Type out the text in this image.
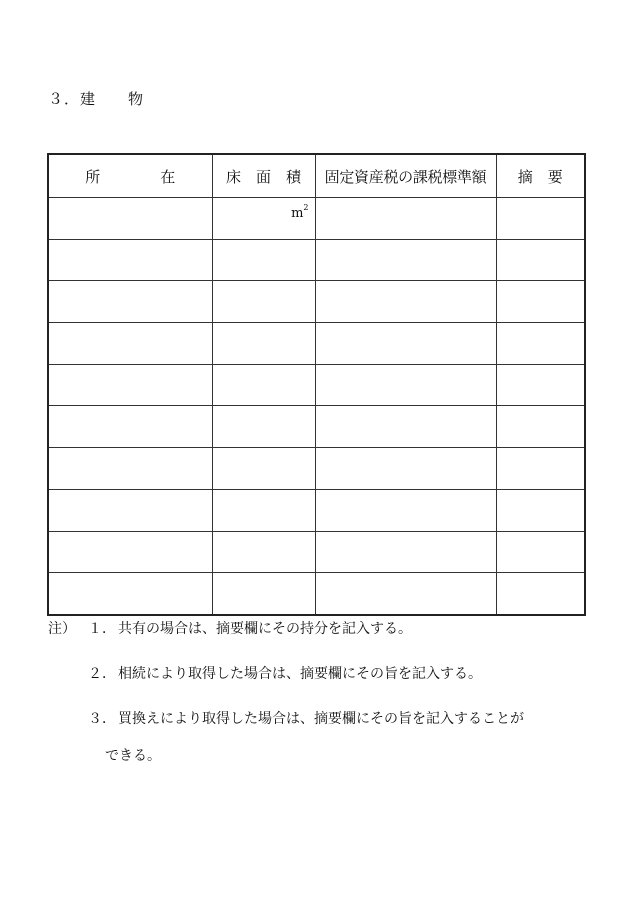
３．建　　物
所　　　　在	床　面　積	固定資産税の課税標準額	摘　要

	$m^2$

注） １． 共有の場合は、摘要欄にその持分を記入する。
２． 相続により取得した場合は、摘要欄にその旨を記入する。
３． 買換えにより取得した場合は、摘要欄にその旨を記入することが
できる。
